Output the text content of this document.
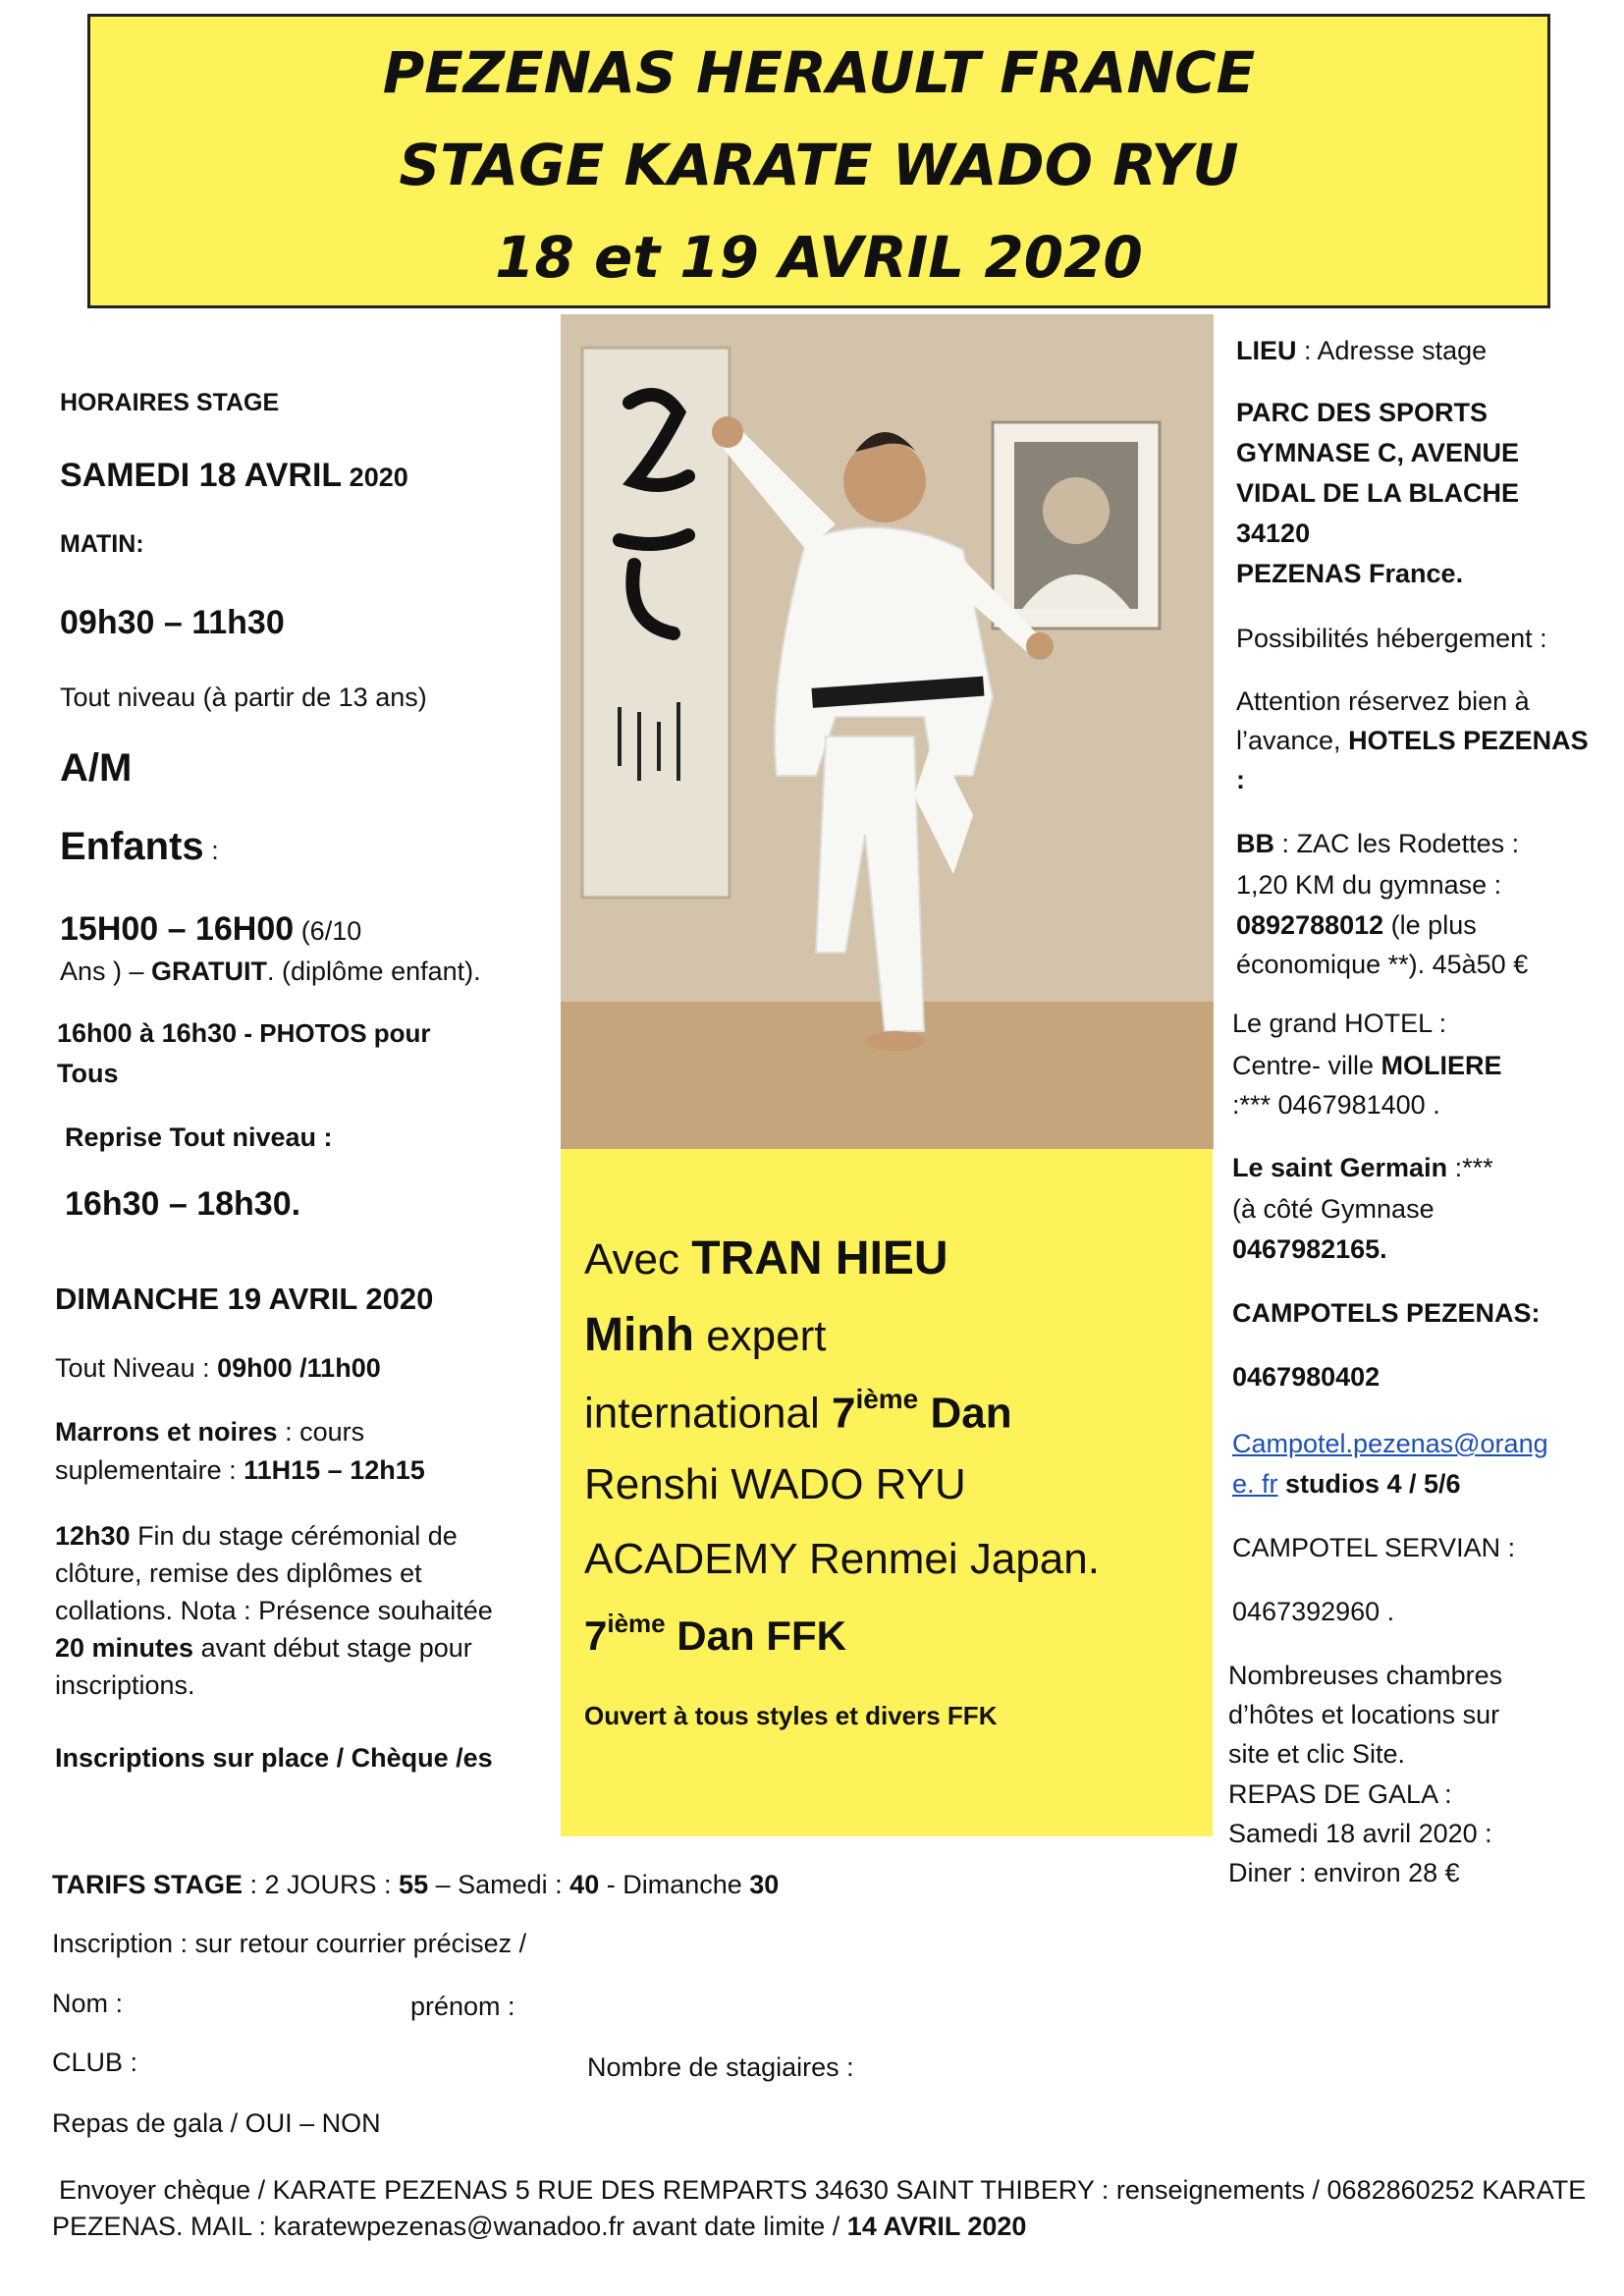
PEZENAS HERAULT FRANCE
STAGE KARATE WADO RYU
18 et 19 AVRIL 2020
Avec TRAN HIEU
Minh expert
international 7ième Dan
Renshi WADO RYU
ACADEMY Renmei Japan.
7ième Dan FFK
Ouvert à tous styles et divers FFK
HORAIRES STAGE
SAMEDI 18 AVRIL 2020
MATIN:
09h30 – 11h30
Tout niveau (à partir de 13 ans)
A/M
Enfants :
15H00 – 16H00 (6/10
Ans ) – GRATUIT. (diplôme enfant).
16h00 à 16h30 - PHOTOS pour
Tous
Reprise Tout niveau :
16h30 – 18h30.
DIMANCHE 19 AVRIL 2020
Tout Niveau : 09h00 /11h00
Marrons et noires : cours
suplementaire : 11H15 – 12h15
12h30 Fin du stage cérémonial de
clôture, remise des diplômes et
collations. Nota : Présence souhaitée
20 minutes avant début stage pour
inscriptions.
Inscriptions sur place / Chèque /es
LIEU : Adresse stage
PARC DES SPORTS
GYMNASE C, AVENUE
VIDAL DE LA BLACHE
34120
PEZENAS France.
Possibilités hébergement :
Attention réservez bien à
l’avance, HOTELS PEZENAS
:
BB : ZAC les Rodettes :
1,20 KM du gymnase :
0892788012 (le plus
économique **). 45à50 €
Le grand HOTEL :
Centre- ville MOLIERE
:*** 0467981400 .
Le saint Germain :***
(à côté Gymnase
0467982165.
CAMPOTELS PEZENAS:
0467980402
Campotel.pezenas@orang
e. fr studios 4 / 5/6
CAMPOTEL SERVIAN :
0467392960 .
Nombreuses chambres
d’hôtes et locations sur
site et clic Site.
REPAS DE GALA :
Samedi 18 avril 2020 :
Diner : environ 28 €
TARIFS STAGE : 2 JOURS : 55 – Samedi : 40 - Dimanche 30
Inscription : sur retour courrier précisez /
Nom :	prénom :
CLUB :	Nombre de stagiaires :
Repas de gala / OUI – NON
Envoyer chèque / KARATE PEZENAS 5 RUE DES REMPARTS 34630 SAINT THIBERY : renseignements / 0682860252 KARATE
PEZENAS. MAIL : karatewpezenas@wanadoo.fr avant date limite / 14 AVRIL 2020
